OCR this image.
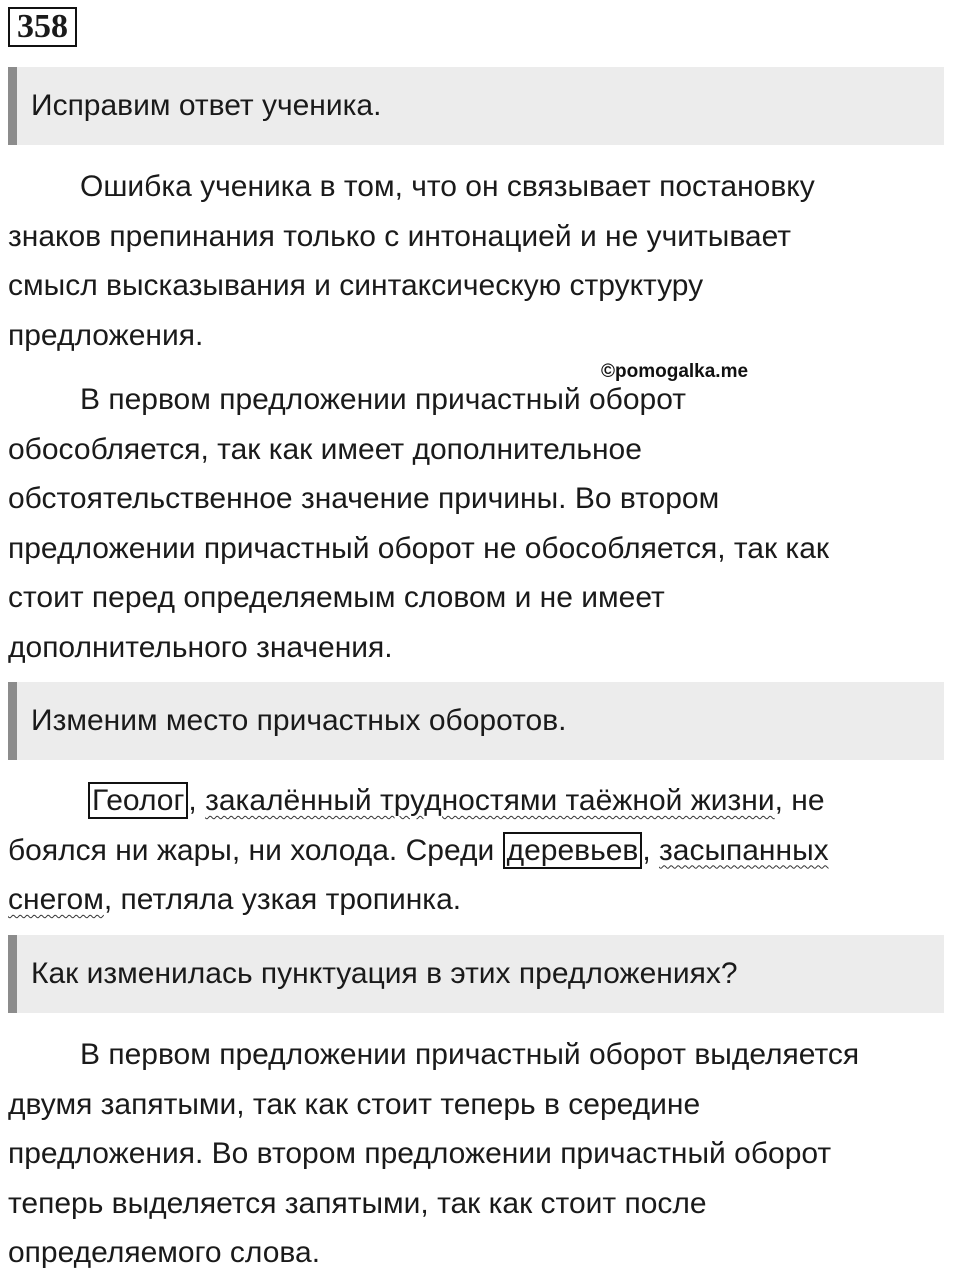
358
Исправим ответ ученика.

Ошибка ученика в том, что он связывает постановку
знаков препинания только с интонацией и не учитывает
смысл высказывания и синтаксическую структуру
предложения.

©pomogalka.me

В первом предложении причастный оборот
обособляется, так как имеет дополнительное
обстоятельственное значение причины. Во втором
предложении причастный оборот не обособляется, так как
стоит перед определяемым словом и не имеет
дополнительного значения.

Изменим место причастных оборотов.

Геолог , закалённый трудностями таёжной жизни, не
боялся ни жары, ни холода. Среди деревьев , засыпанных
снегом, петляла узкая тропинка.

Как изменилась пунктуация в этих предложениях?

В первом предложении причастный оборот выделяется
двумя запятыми, так как стоит теперь в середине
предложения. Во втором предложении причастный оборот
теперь выделяется запятыми, так как стоит после
определяемого слова.
